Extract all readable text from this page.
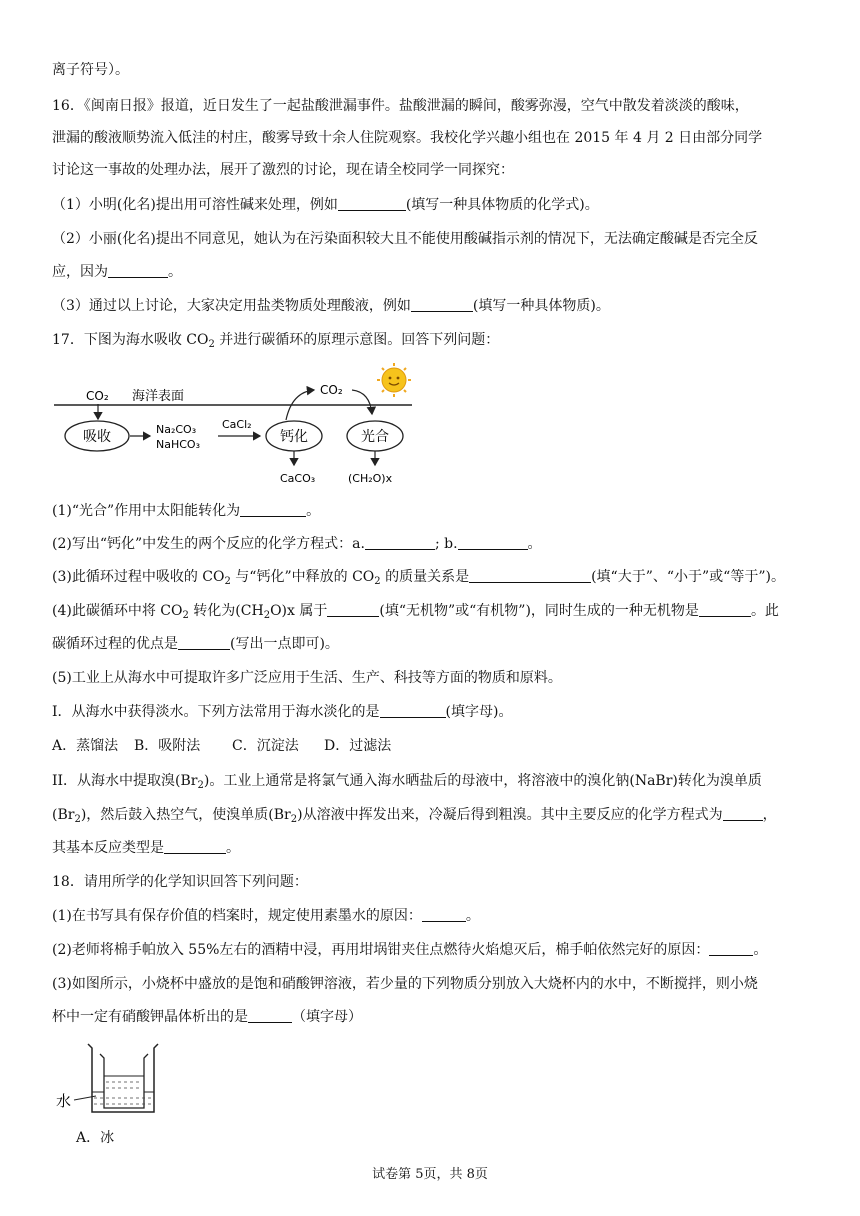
离子符号）。
16．《闽南日报》报道，近日发生了一起盐酸泄漏事件。盐酸泄漏的瞬间，酸雾弥漫，空气中散发着淡淡的酸味，
泄漏的酸液顺势流入低洼的村庄，酸雾导致十余人住院观察。我校化学兴趣小组也在 2015 年 4 月 2 日由部分同学
讨论这一事故的处理办法，展开了激烈的讨论，现在请全校同学一同探究：
（1）小明(化名)提出用可溶性碱来处理，例如	(填写一种具体物质的化学式)。
（2）小丽(化名)提出不同意见，她认为在污染面积较大且不能使用酸碱指示剂的情况下，无法确定酸碱是否完全反
应，因为	。
（3）通过以上讨论，大家决定用盐类物质处理酸液，例如	(填写一种具体物质)。
17．下图为海水吸收 $CO_2$ 并进行碳循环的原理示意图。回答下列问题：
CO₂ 海洋表面
吸收	Na₂CO₃
NaHCO₃
CaCl₂
钙化
CO₂
光合
CaCO₃	(CH₂O)x
(1)“光合”作用中太阳能转化为	。
(2)写出“钙化”中发生的两个反应的化学方程式：a.	; b.	。
(3)此循环过程中吸收的 $CO_2$ 与“钙化”中释放的 $CO_2$ 的质量关系是	(填“大于”、“小于”或“等于”)。
(4)此碳循环中将 $CO_2$ 转化为$(CH_2O)x$ 属于	(填“无机物”或“有机物”)，同时生成的一种无机物是	。此
碳循环过程的优点是	(写出一点即可)。
(5)工业上从海水中可提取许多广泛应用于生活、生产、科技等方面的物质和原料。
I．从海水中获得淡水。下列方法常用于海水淡化的是	(填字母)。
A．蒸馏法 B．吸附法 C．沉淀法 D．过滤法
II．从海水中提取溴$(Br_2)$。工业上通常是将氯气通入海水晒盐后的母液中，将溶液中的溴化钠(NaBr)转化为溴单质
$(Br_2)$，然后鼓入热空气，使溴单质$(Br_2)$从溶液中挥发出来，冷凝后得到粗溴。其中主要反应的化学方程式为	，
其基本反应类型是	。
18．请用所学的化学知识回答下列问题：
(1)在书写具有保存价值的档案时，规定使用素墨水的原因：	。
(2)老师将棉手帕放入 55%左右的酒精中浸，再用坩埚钳夹住点燃待火焰熄灭后，棉手帕依然完好的原因：	。
(3)如图所示，小烧杯中盛放的是饱和硝酸钾溶液，若少量的下列物质分别放入大烧杯内的水中，不断搅拌，则小烧
杯中一定有硝酸钾晶体析出的是	（填字母）
水
A．冰
试卷第 5页，共 8页
